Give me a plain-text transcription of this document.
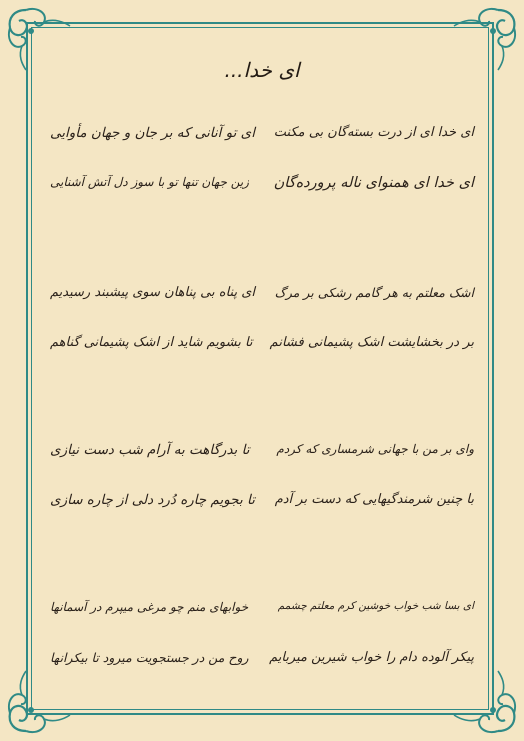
ای خدا...
ای خدا ای از درت بسته‌گان بی مکنت
ای تو آنانی که بر جان و جهان مأوایی
ای خدا ای همنوای ناله پرورده‌گان
زین جهان تنها تو با سوز دل آتش آشنایی
اشک معلتم به هر گامم رشکی بر مرگ
ای پناه بی پناهان سوی پیشبند رسیدیم
بر در بخشایشت اشک پشیمانی فشانم
تا بشویم شاید از اشک پشیمانی گناهم
وای بر من با جهانی شرمساری که کردم
تا بدرگاهت به آرام شب دست نیازی
با چنین شرمندگیهایی که دست بر آدم
تا بجویم چاره دُرد دلی از چاره سازی
ای بسا شب خواب خوشین کرم معلتم چشمم
خوابهای منم چو مرغی میپرم در آسمانها
پیکر آلوده دام را خواب شیرین میربایم
روح من در جستجویت میرود تا بیکرانها
